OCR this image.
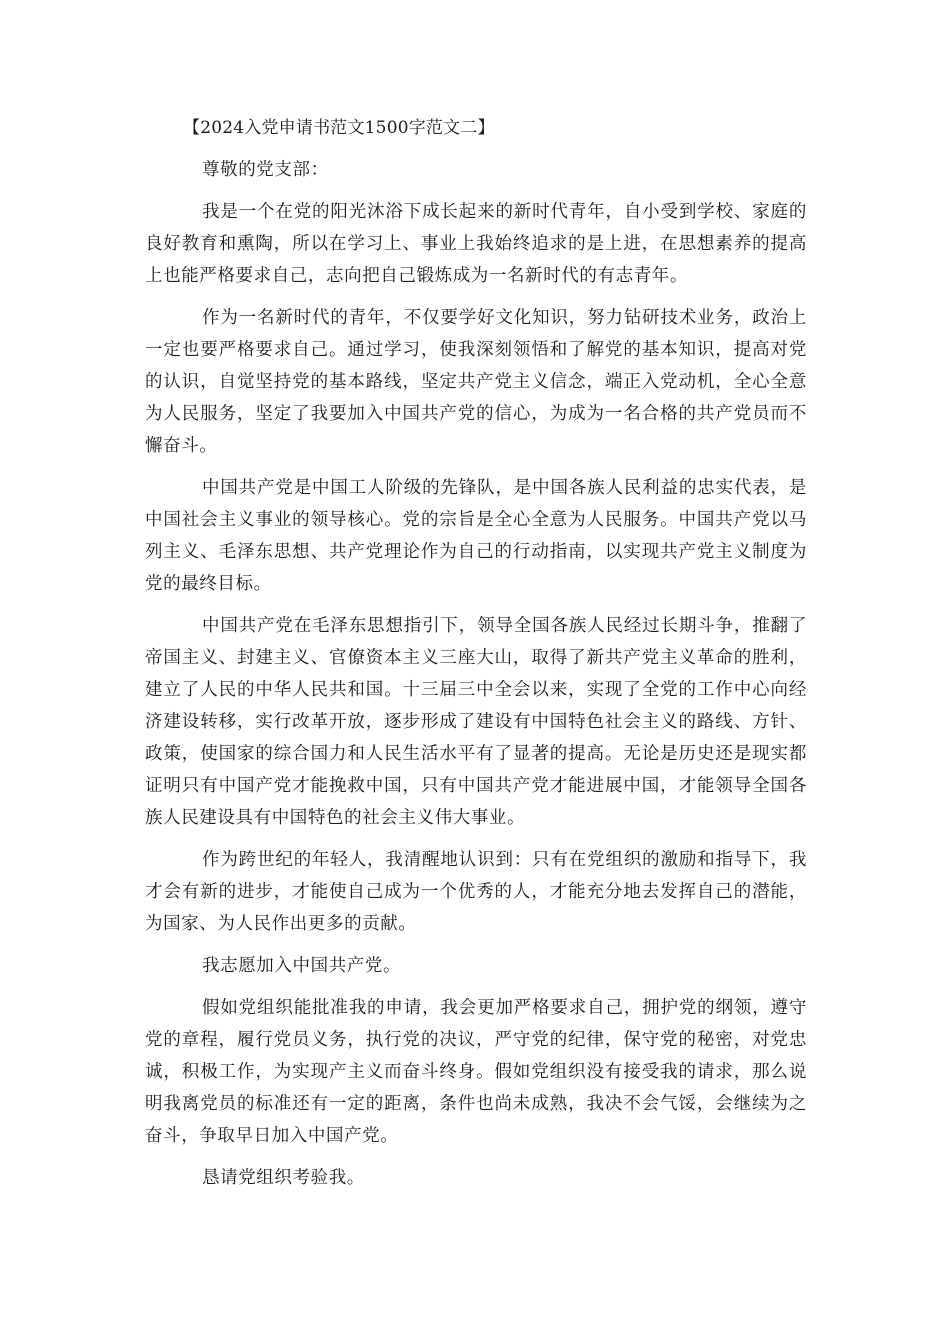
【2024入党申请书范文1500字范文二】

尊敬的党支部：

我是一个在党的阳光沐浴下成长起来的新时代青年，自小受到学校、家庭的良好教育和熏陶，所以在学习上、事业上我始终追求的是上进，在思想素养的提高上也能严格要求自己，志向把自己锻炼成为一名新时代的有志青年。

作为一名新时代的青年，不仅要学好文化知识，努力钻研技术业务，政治上一定也要严格要求自己。通过学习，使我深刻领悟和了解党的基本知识，提高对党的认识，自觉坚持党的基本路线，坚定共产党主义信念，端正入党动机，全心全意为人民服务，坚定了我要加入中国共产党的信心，为成为一名合格的共产党员而不懈奋斗。

中国共产党是中国工人阶级的先锋队，是中国各族人民利益的忠实代表，是中国社会主义事业的领导核心。党的宗旨是全心全意为人民服务。中国共产党以马列主义、毛泽东思想、共产党理论作为自己的行动指南，以实现共产党主义制度为党的最终目标。

中国共产党在毛泽东思想指引下，领导全国各族人民经过长期斗争，推翻了帝国主义、封建主义、官僚资本主义三座大山，取得了新共产党主义革命的胜利，建立了人民的中华人民共和国。十三届三中全会以来，实现了全党的工作中心向经济建设转移，实行改革开放，逐步形成了建设有中国特色社会主义的路线、方针、政策，使国家的综合国力和人民生活水平有了显著的提高。无论是历史还是现实都证明只有中国产党才能挽救中国，只有中国共产党才能进展中国，才能领导全国各族人民建设具有中国特色的社会主义伟大事业。

作为跨世纪的年轻人，我清醒地认识到：只有在党组织的激励和指导下，我才会有新的进步，才能使自己成为一个优秀的人，才能充分地去发挥自己的潜能，为国家、为人民作出更多的贡献。

我志愿加入中国共产党。

假如党组织能批准我的申请，我会更加严格要求自己，拥护党的纲领，遵守党的章程，履行党员义务，执行党的决议，严守党的纪律，保守党的秘密，对党忠诚，积极工作，为实现产主义而奋斗终身。假如党组织没有接受我的请求，那么说明我离党员的标准还有一定的距离，条件也尚未成熟，我决不会气馁，会继续为之奋斗，争取早日加入中国产党。

恳请党组织考验我。
